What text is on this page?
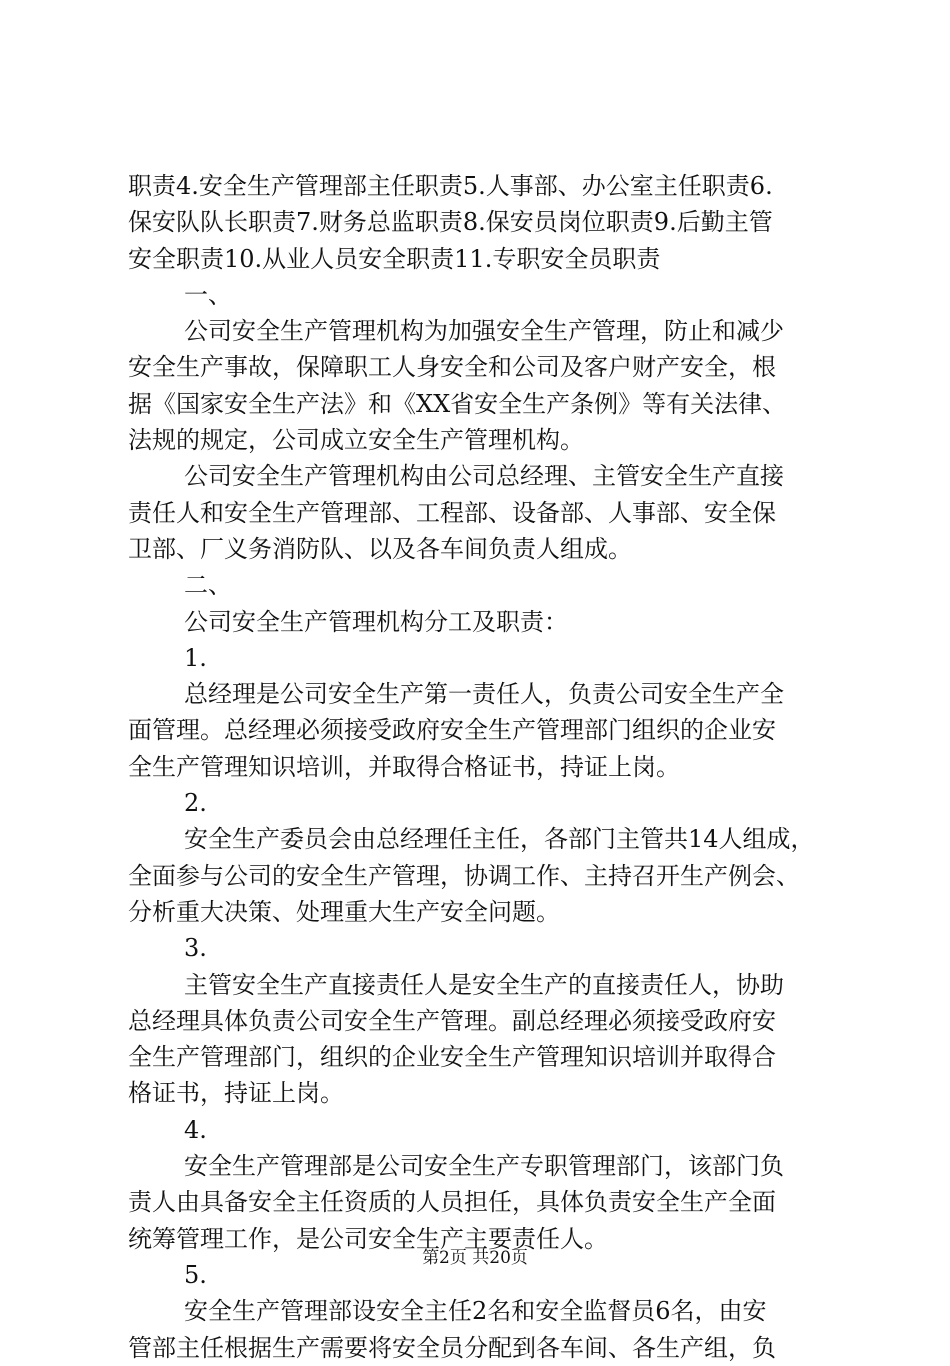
职责4.安全生产管理部主任职责5.人事部、办公室主任职责6.
保安队队长职责7.财务总监职责8.保安员岗位职责9.后勤主管
安全职责10.从业人员安全职责11.专职安全员职责
一、
公司安全生产管理机构为加强安全生产管理，防止和减少
安全生产事故，保障职工人身安全和公司及客户财产安全，根
据《国家安全生产法》和《XX省安全生产条例》等有关法律、
法规的规定，公司成立安全生产管理机构。
公司安全生产管理机构由公司总经理、主管安全生产直接
责任人和安全生产管理部、工程部、设备部、人事部、安全保
卫部、厂义务消防队、以及各车间负责人组成。
二、
公司安全生产管理机构分工及职责：
1.
总经理是公司安全生产第一责任人，负责公司安全生产全
面管理。总经理必须接受政府安全生产管理部门组织的企业安
全生产管理知识培训，并取得合格证书，持证上岗。
2.
安全生产委员会由总经理任主任，各部门主管共14人组成，
全面参与公司的安全生产管理，协调工作、主持召开生产例会、
分析重大决策、处理重大生产安全问题。
3.
主管安全生产直接责任人是安全生产的直接责任人，协助
总经理具体负责公司安全生产管理。副总经理必须接受政府安
全生产管理部门，组织的企业安全生产管理知识培训并取得合
格证书，持证上岗。
4.
安全生产管理部是公司安全生产专职管理部门，该部门负
责人由具备安全主任资质的人员担任，具体负责安全生产全面
统筹管理工作，是公司安全生产主要责任人。
5.
安全生产管理部设安全主任2名和安全监督员6名，由安
管部主任根据生产需要将安全员分配到各车间、各生产组，负
第2页 共20页
